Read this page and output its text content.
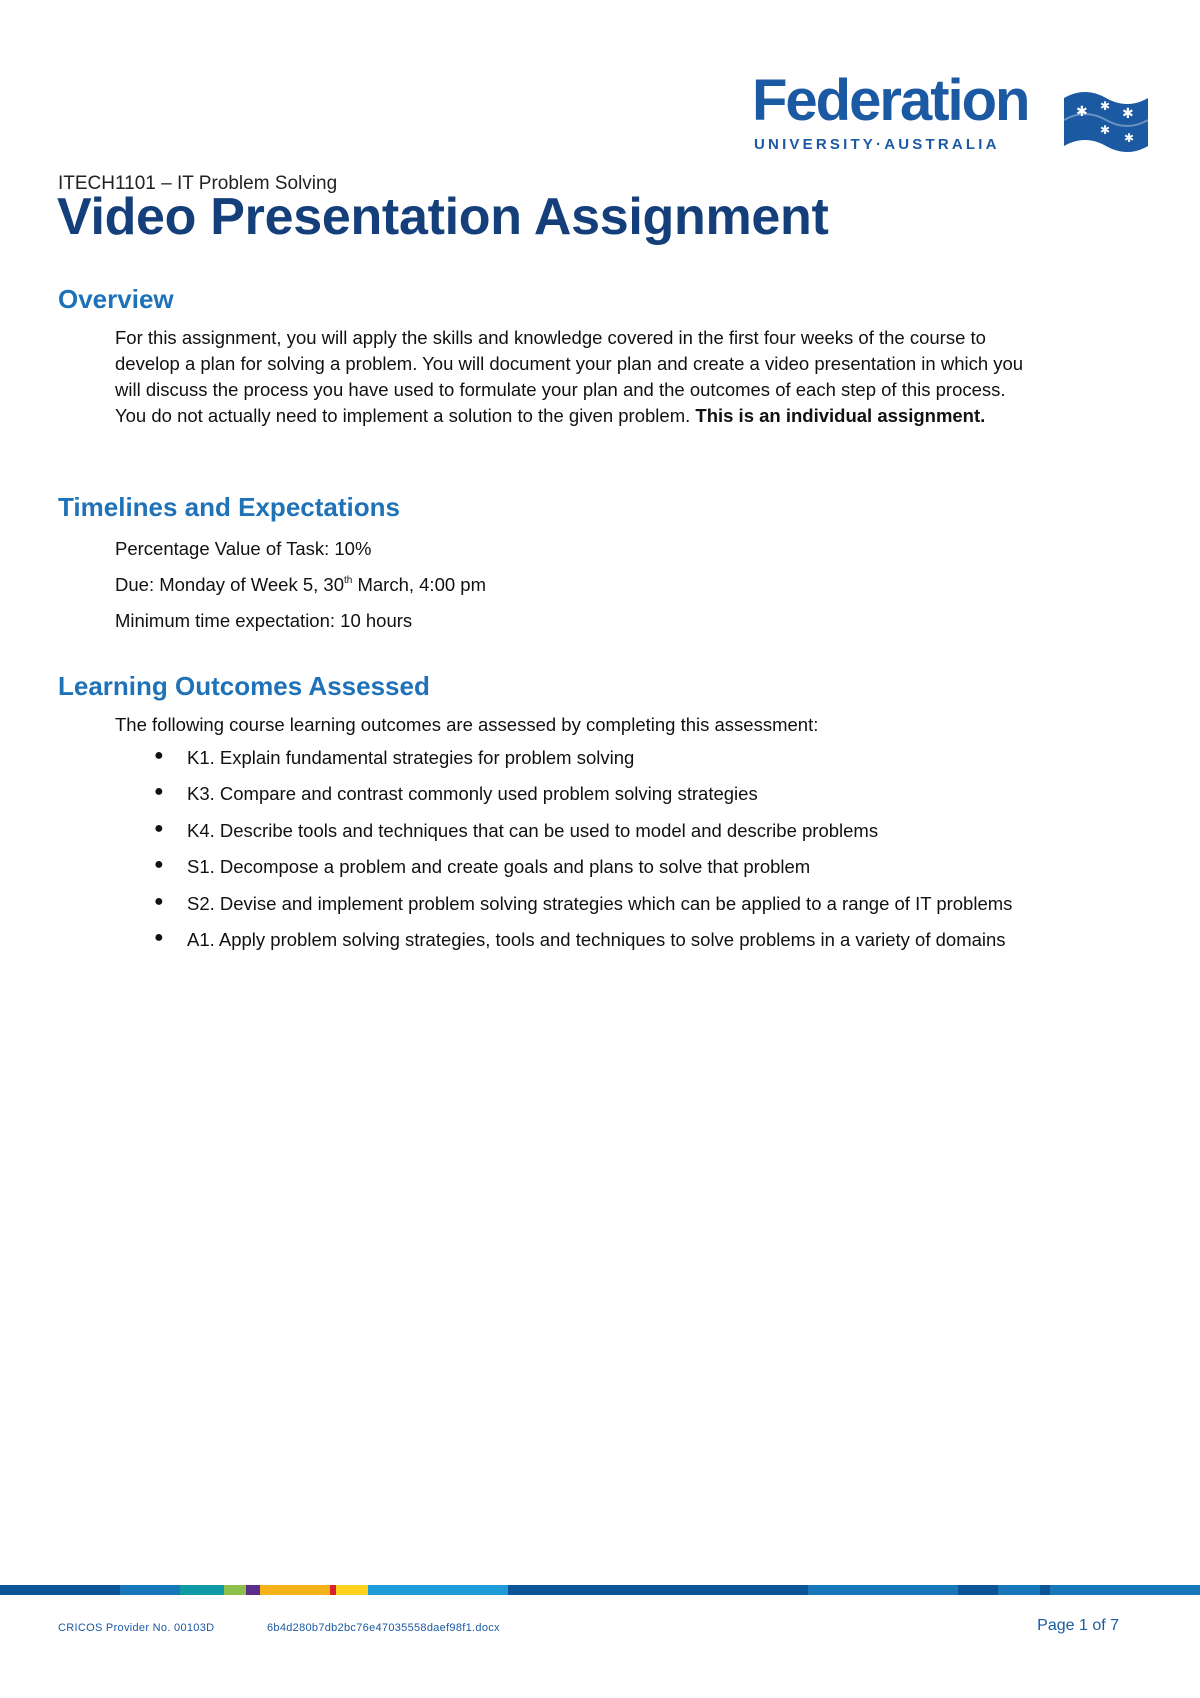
Federation
UNIVERSITY·AUSTRALIA
✱ ✱ ✱
✱
✱
ITECH1101 – IT Problem Solving
Video Presentation Assignment
Overview

For this assignment, you will apply the skills and knowledge covered in the first four weeks of the course to develop a plan for solving a problem. You will document your plan and create a video presentation in which you will discuss the process you have used to formulate your plan and the outcomes of each step of this process. You do not actually need to implement a solution to the given problem. This is an individual assignment.

Timelines and Expectations
Percentage Value of Task: 10%
Due: Monday of Week 5, 30th March, 4:00 pm
Minimum time expectation: 10 hours
Learning Outcomes Assessed
The following course learning outcomes are assessed by completing this assessment:
● K1. Explain fundamental strategies for problem solving
● K3. Compare and contrast commonly used problem solving strategies
● K4. Describe tools and techniques that can be used to model and describe problems
● S1. Decompose a problem and create goals and plans to solve that problem
● S2. Devise and implement problem solving strategies which can be applied to a range of IT problems
● A1. Apply problem solving strategies, tools and techniques to solve problems in a variety of domains
CRICOS Provider No. 00103D	6b4d280b7db2bc76e47035558daef98f1.docx	Page 1 of 7
